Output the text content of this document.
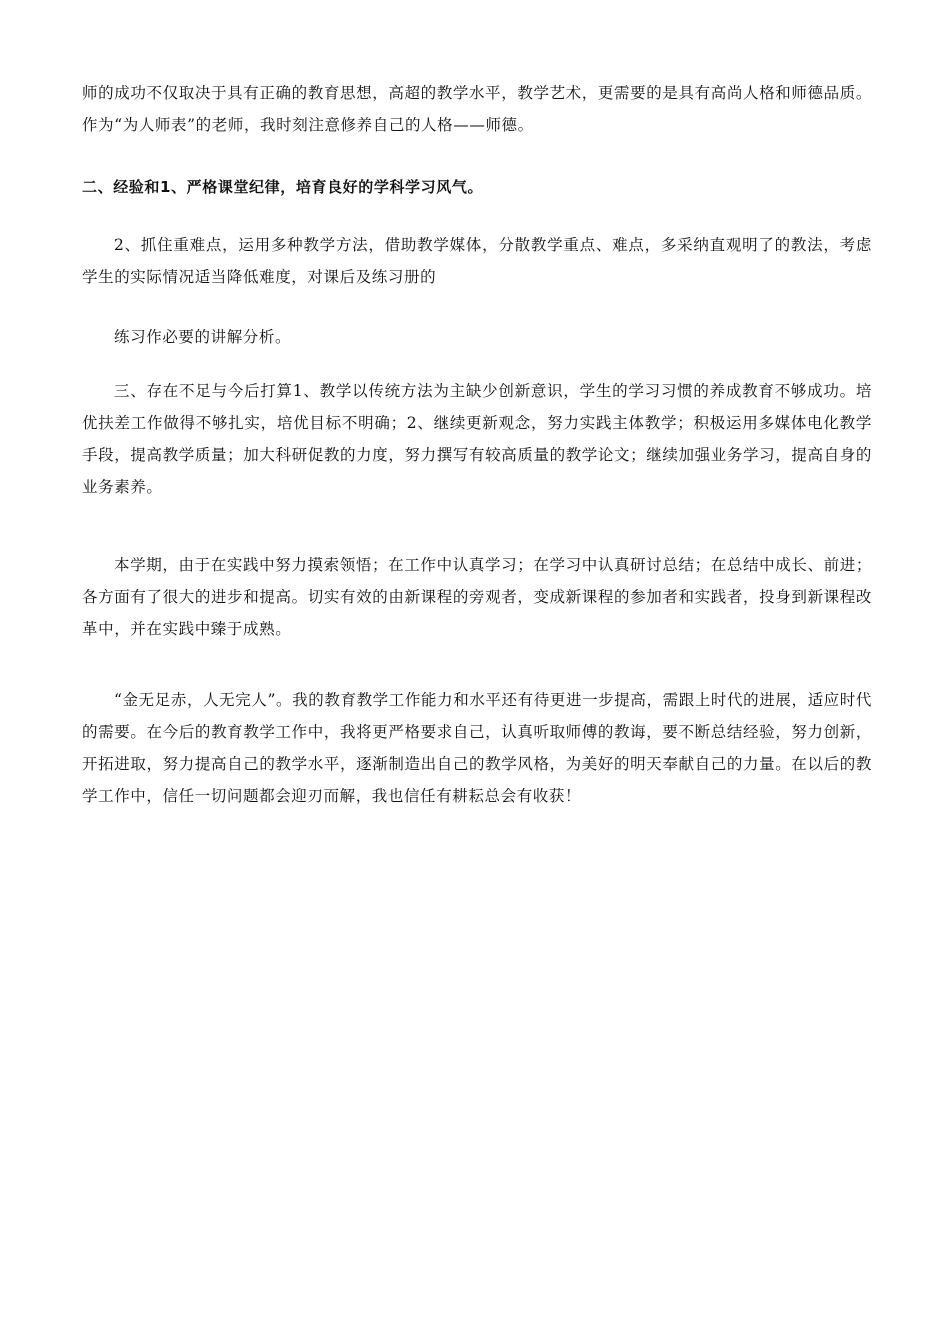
师的成功不仅取决于具有正确的教育思想，高超的教学水平，教学艺术，更需要的是具有高尚人格和师德品质。作为“为人师表”的老师，我时刻注意修养自己的人格——师德。

二、经验和1、严格课堂纪律，培育良好的学科学习风气。

2、抓住重难点，运用多种教学方法，借助教学媒体，分散教学重点、难点，多采纳直观明了的教法，考虑学生的实际情况适当降低难度，对课后及练习册的

练习作必要的讲解分析。

三、存在不足与今后打算1、教学以传统方法为主缺少创新意识，学生的学习习惯的养成教育不够成功。培优扶差工作做得不够扎实，培优目标不明确；2、继续更新观念，努力实践主体教学；积极运用多媒体电化教学手段，提高教学质量；加大科研促教的力度，努力撰写有较高质量的教学论文；继续加强业务学习，提高自身的业务素养。

本学期，由于在实践中努力摸索领悟；在工作中认真学习；在学习中认真研讨总结；在总结中成长、前进；各方面有了很大的进步和提高。切实有效的由新课程的旁观者，变成新课程的参加者和实践者，投身到新课程改革中，并在实践中臻于成熟。

“金无足赤，人无完人”。我的教育教学工作能力和水平还有待更进一步提高，需跟上时代的进展，适应时代的需要。在今后的教育教学工作中，我将更严格要求自己，认真听取师傅的教诲，要不断总结经验，努力创新，开拓进取，努力提高自己的教学水平，逐渐制造出自己的教学风格，为美好的明天奉献自己的力量。在以后的教学工作中，信任一切问题都会迎刃而解，我也信任有耕耘总会有收获！
